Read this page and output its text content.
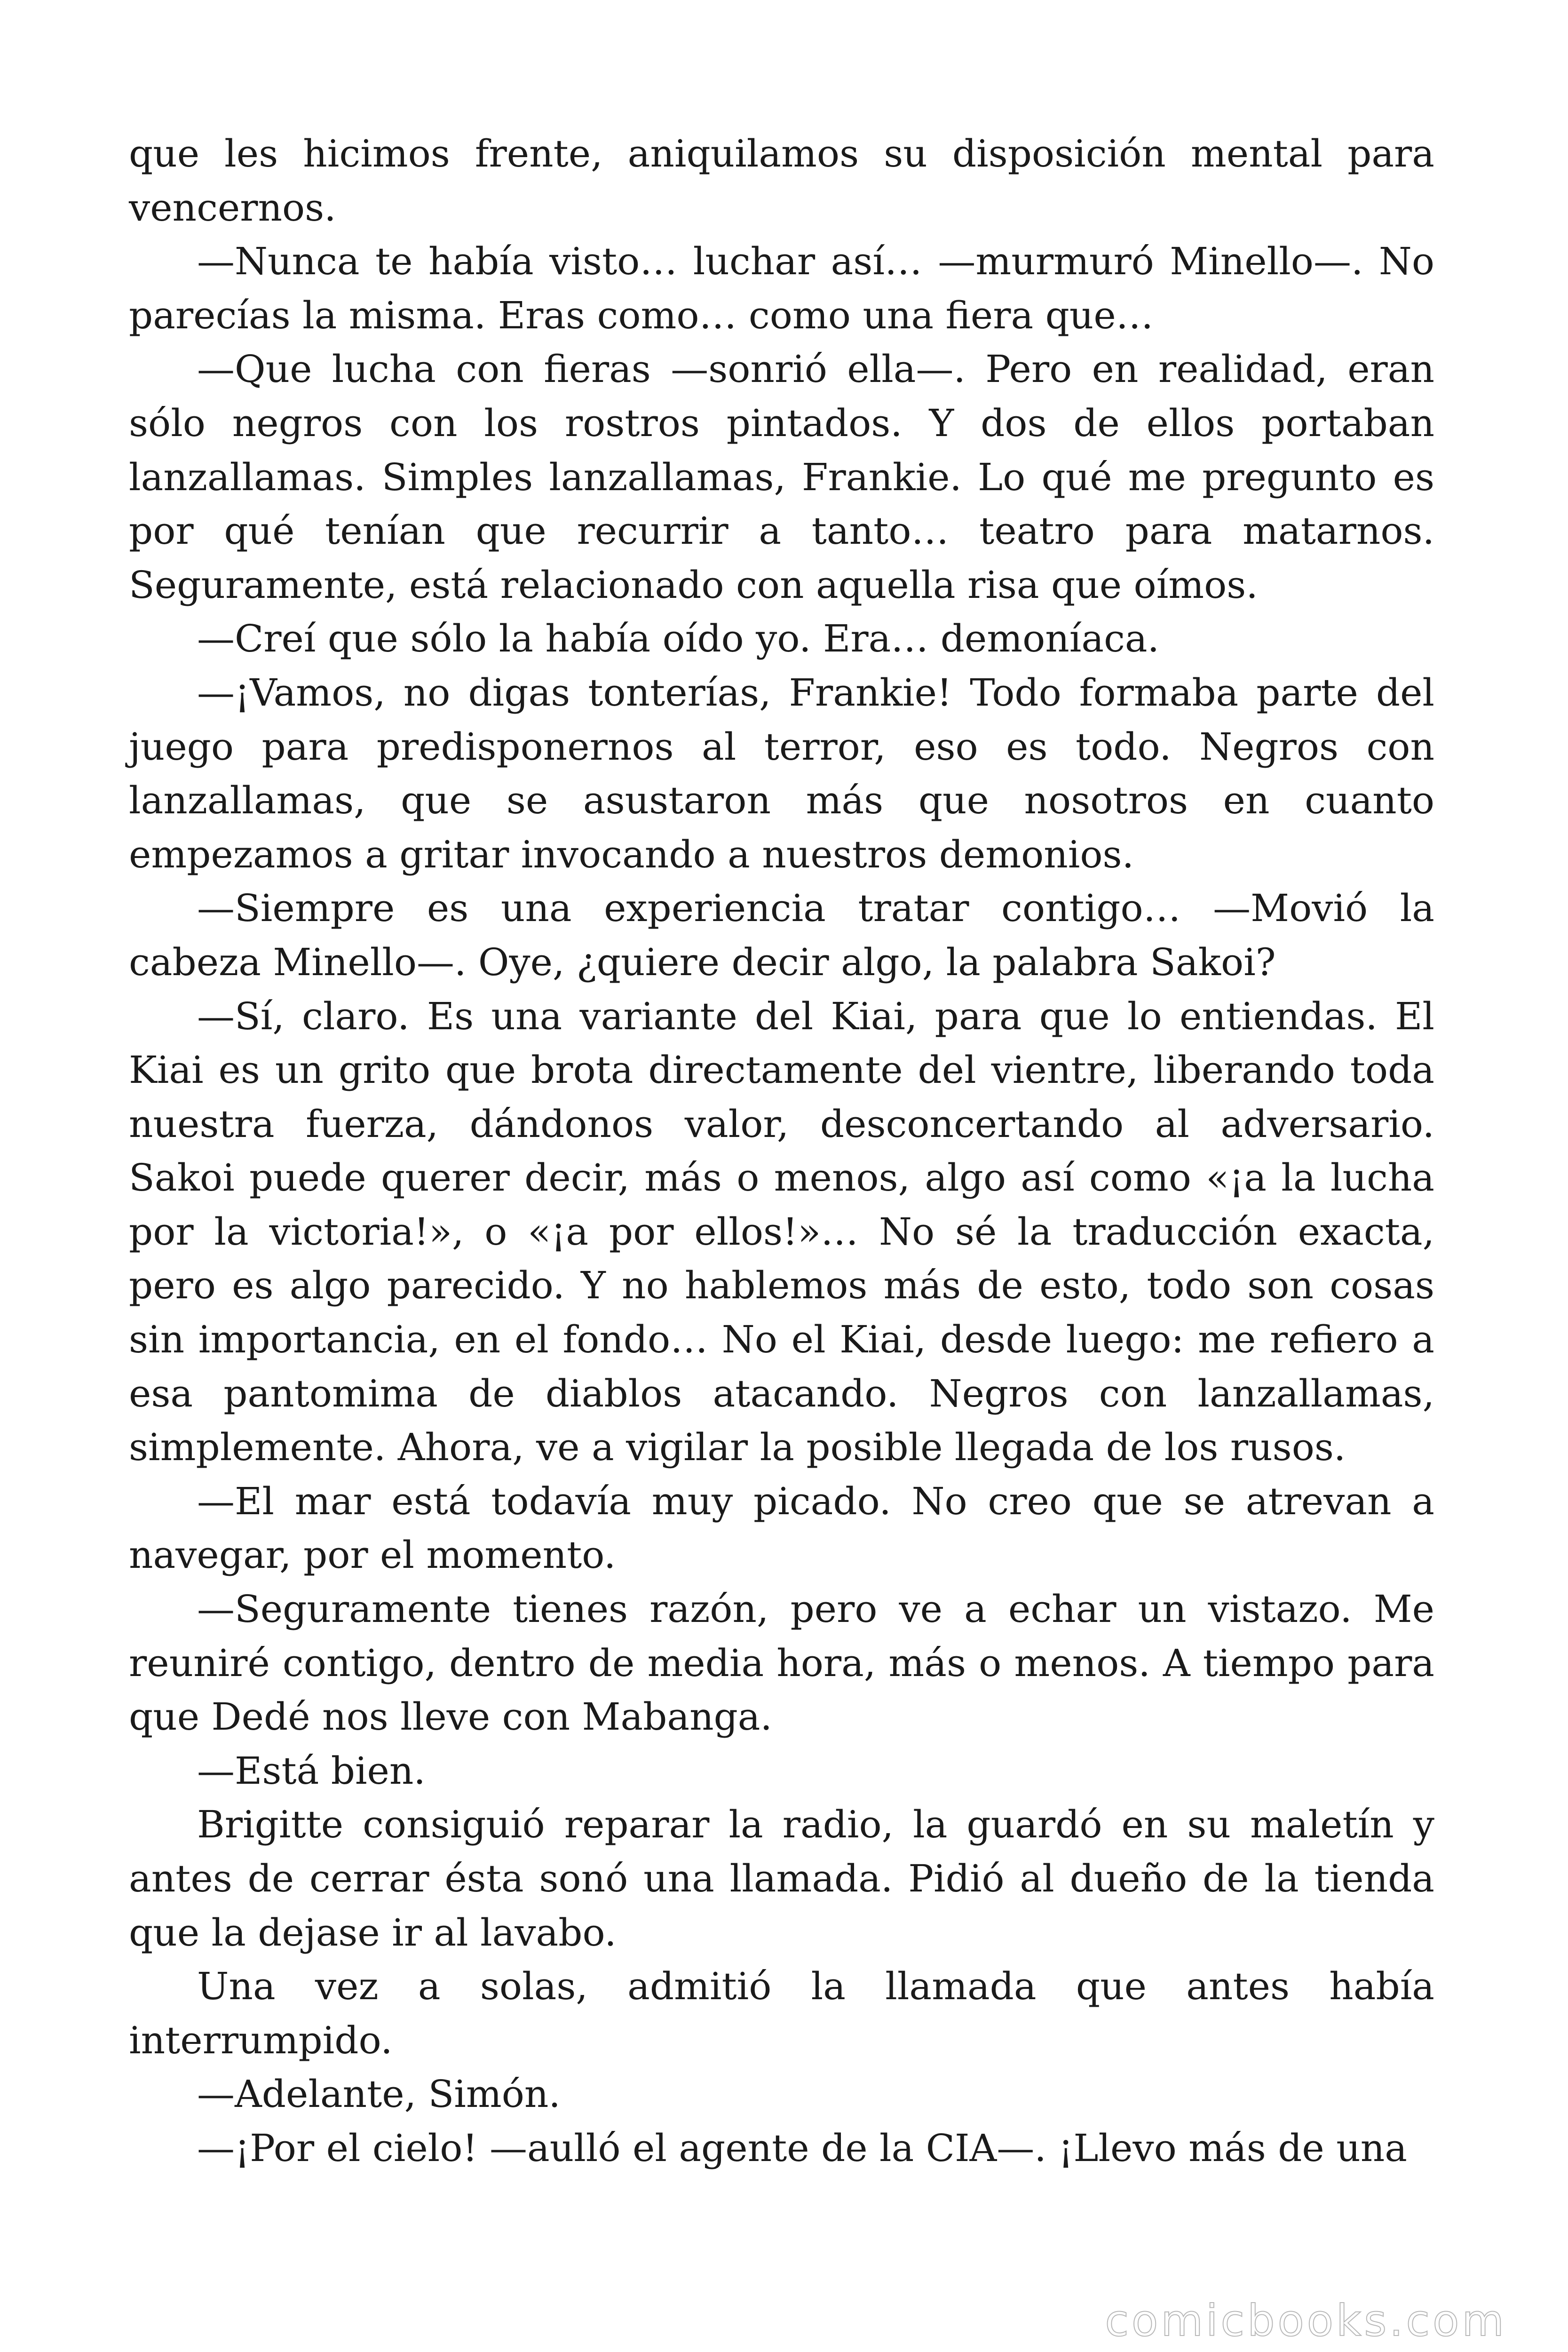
que les hicimos frente, aniquilamos su disposición mental para vencernos.

—Nunca te había visto… luchar así… —murmuró Minello—. No parecías la misma. Eras como… como una fiera que…

—Que lucha con fieras —sonrió ella—. Pero en realidad, eran sólo negros con los rostros pintados. Y dos de ellos portaban lanzallamas. Simples lanzallamas, Frankie. Lo qué me pregunto es por qué tenían que recurrir a tanto… teatro para matarnos. Seguramente, está relacionado con aquella risa que oímos.

—Creí que sólo la había oído yo. Era… demoníaca.

—¡Vamos, no digas tonterías, Frankie! Todo formaba parte del juego para predisponernos al terror, eso es todo. Negros con lanzallamas, que se asustaron más que nosotros en cuanto empezamos a gritar invocando a nuestros demonios.

—Siempre es una experiencia tratar contigo… —Movió la cabeza Minello—. Oye, ¿quiere decir algo, la palabra Sakoi?

—Sí, claro. Es una variante del Kiai, para que lo entiendas. El Kiai es un grito que brota directamente del vientre, liberando toda nuestra fuerza, dándonos valor, desconcertando al adversario. Sakoi puede querer decir, más o menos, algo así como «¡a la lucha por la victoria!», o «¡a por ellos!»… No sé la traducción exacta, pero es algo parecido. Y no hablemos más de esto, todo son cosas sin importancia, en el fondo… No el Kiai, desde luego: me refiero a esa pantomima de diablos atacando. Negros con lanzallamas, simplemente. Ahora, ve a vigilar la posible llegada de los rusos.

—El mar está todavía muy picado. No creo que se atrevan a navegar, por el momento.

—Seguramente tienes razón, pero ve a echar un vistazo. Me reuniré contigo, dentro de media hora, más o menos. A tiempo para que Dedé nos lleve con Mabanga.

—Está bien.

Brigitte consiguió reparar la radio, la guardó en su maletín y antes de cerrar ésta sonó una llamada. Pidió al dueño de la tienda que la dejase ir al lavabo.

Una vez a solas, admitió la llamada que antes había interrumpido.

—Adelante, Simón.

—¡Por el cielo! —aulló el agente de la CIA—. ¡Llevo más de una

comicbooks.com
